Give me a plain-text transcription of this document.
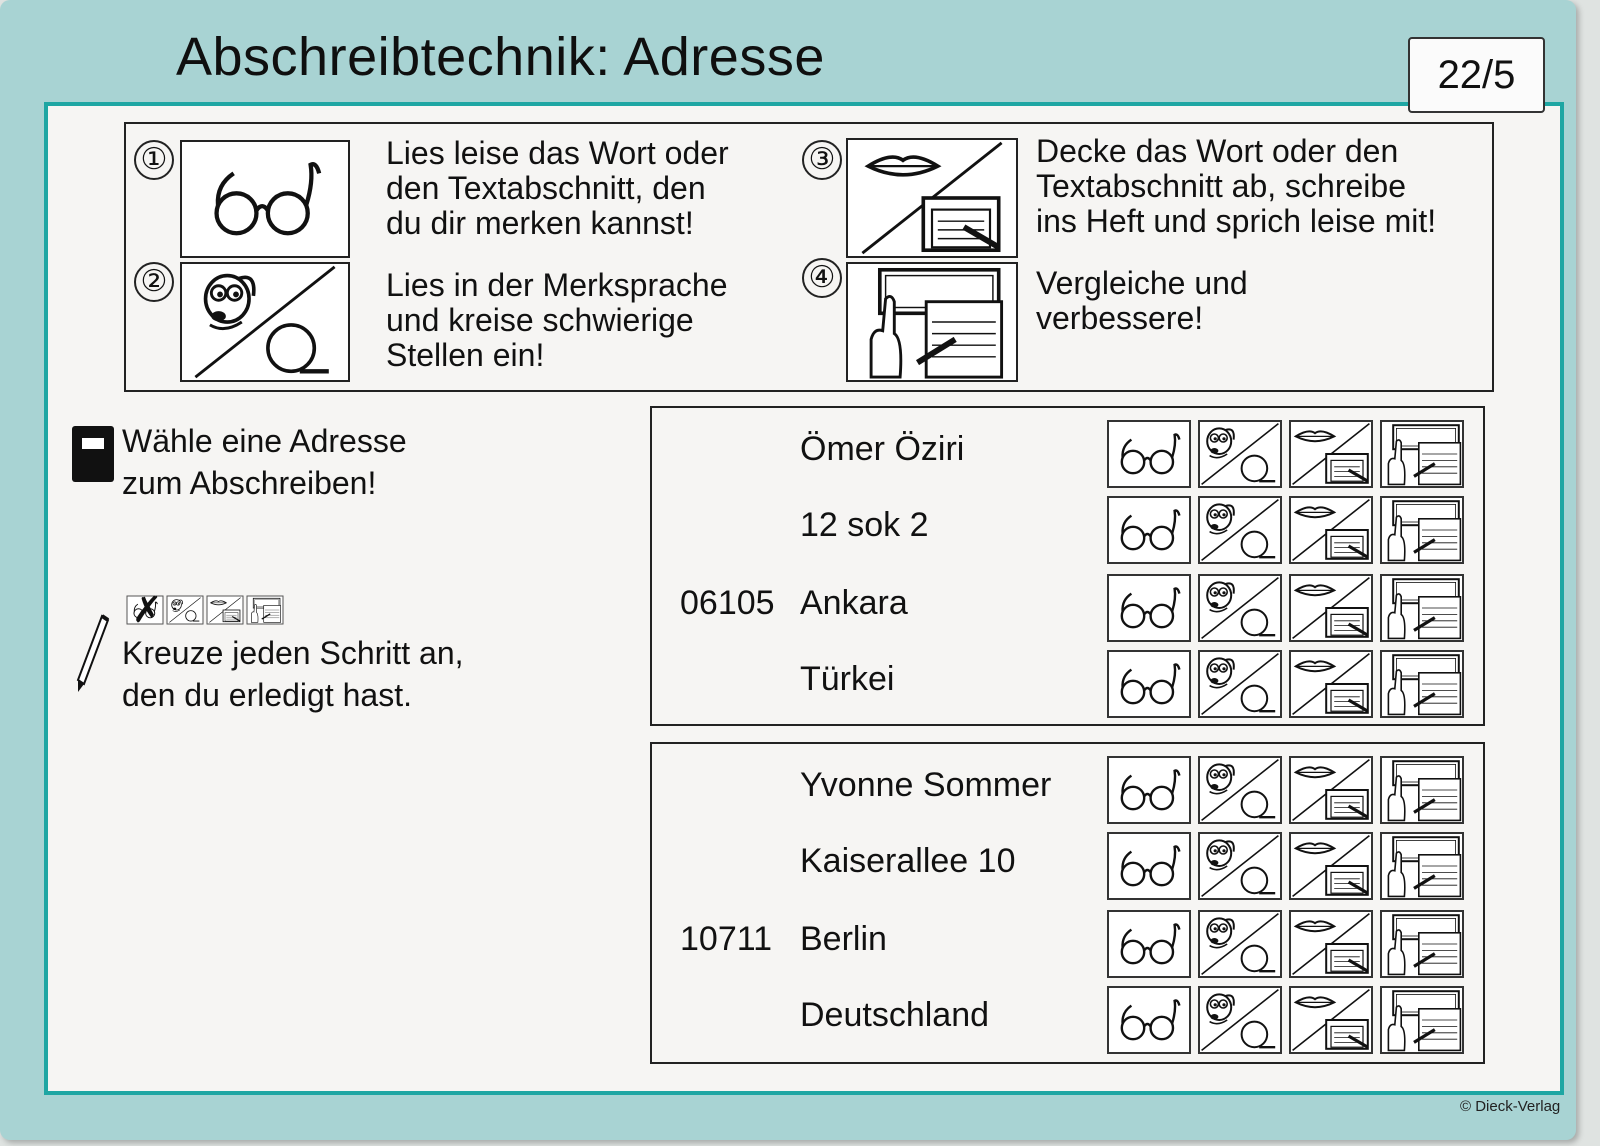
Abschreibtechnik: Adresse	22/5
①	Lies leise das Wort oder
den Textabschnitt, den
du dir merken kannst!
②	Lies in der Merksprache
und kreise schwierige
Stellen ein!
③	Decke das Wort oder den
Textabschnitt ab, schreibe
ins Heft und sprich leise mit!
④	Vergleiche und
verbessere!
Wähle eine Adresse
zum Abschreiben!
✗
Kreuze jeden Schritt an,
den du erledigt hast.
Ömer Öziri
12 sok 2
06105 Ankara
Türkei
Yvonne Sommer
Kaiserallee 10
10711 Berlin
Deutschland
© Dieck-Verlag
